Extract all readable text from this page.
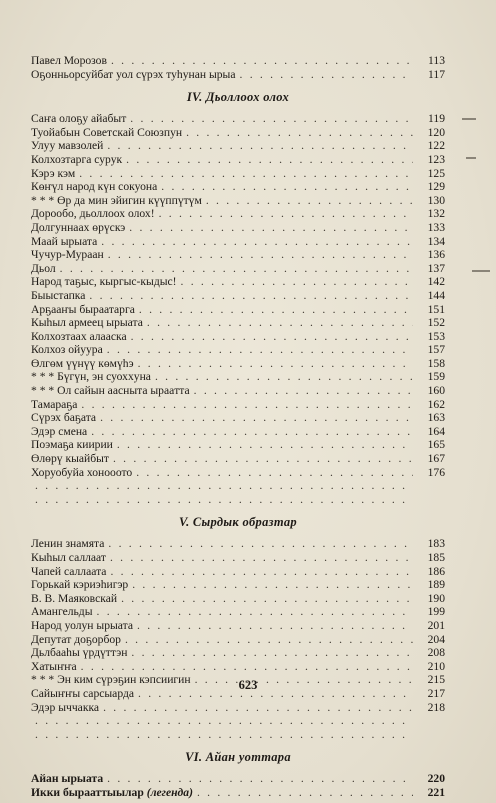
Павел Морозов . . .	113
Оҕонньорсуйбат уол сүрэх туһунан ырыа . . .	117
IV. Дьоллоох олох
Саҥа олоҕу айабыт . . .	119
Туойабын Советскай Союзпун . . .	120
Улуу мавзолей . . .	122
Колхозтарга сурук . . .	123
Кэрэ кэм . . .	125
Көҥүл народ күн сокуона . . .	129
* * * Өр да мин эйигин күүппүтүм . . .	130
Дорообо, дьоллоох олох! . . .	132
Долгуннаах өрүскэ . . .	133
Маай ырыата . . .	134
Чучур-Мураан . . .	136
Дьол . . .	137
Народ таҕыс, кыргыс-кыдыс! . . .	142
Быыстапка . . .	144
Арҕааҥы быраатарга . . .	151
Кыһыл армеец ырыата . . .	152
Колхозтаах алааска . . .	153
Колхоз ойуура . . .	157
Өлгөм үүнүү көмүһэ . . .	158
* * * Бүгүн, эн суохxуна . . .	159
* * * Ол сайын аасныта ырaaтта . . .	160
Тамараҕа . . .	162
Сүрэх баҕата . . .	163
Эдэр смена . . .	164
Поэмаҕа киирии . . .	165
Өлөрү кыайбыт . . .	167
Хоруобуйа хонооото . . .	176
. . .
. . .
V. Сырдык образтар
Ленин знамята . . .	183
Кыһыл саллаат . . .	185
Чапей саллаата . . .	186
Горькай кэриэһигэр . . .	189
В. В. Маяковскай . . .	190
Амангельды . . .	199
Народ уолун ырыата . . .	201
Депутат доҕорбор . . .	204
Дьлбааһы үрдүттэн . . .	208
Хатыҥҥа . . .	210
* * * Эн ким сүрэҕин кэпсиигин . . .	215
Сайыҥҥы сарсыарда . . .	217
Эдэр ыччакка . . .	218
. . .
. . .
VI. Айан уоттара
Айан ырыата . . .	220
Икки бырааттыылар (легенда) . . .	221
623
